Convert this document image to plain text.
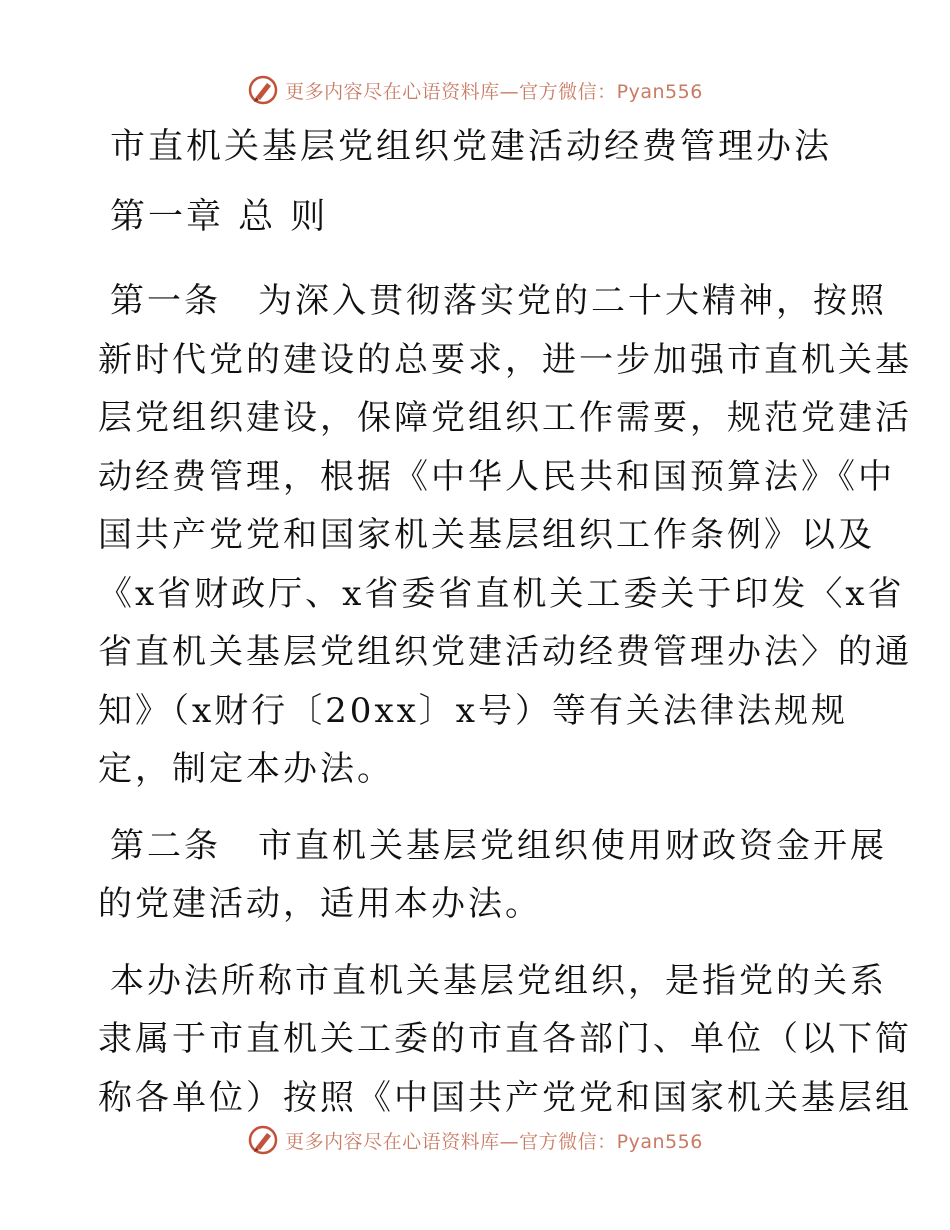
更多内容尽在心语资料库—官方微信：Pyan556
市直机关基层党组织党建活动经费管理办法
第一章 总 则

第一条　为深入贯彻落实党的二十大精神，按照
新时代党的建设的总要求，进一步加强市直机关基
层党组织建设，保障党组织工作需要，规范党建活
动经费管理，根据《中华人民共和国预算法》《中
国共产党党和国家机关基层组织工作条例》以及
《x省财政厅、x省委省直机关工委关于印发〈x省
省直机关基层党组织党建活动经费管理办法〉的通
知》（x财行〔20xx〕x号）等有关法律法规规
定，制定本办法。

第二条　市直机关基层党组织使用财政资金开展
的党建活动，适用本办法。

本办法所称市直机关基层党组织，是指党的关系
隶属于市直机关工委的市直各部门、单位（以下简
称各单位）按照《中国共产党党和国家机关基层组

更多内容尽在心语资料库—官方微信：Pyan556
